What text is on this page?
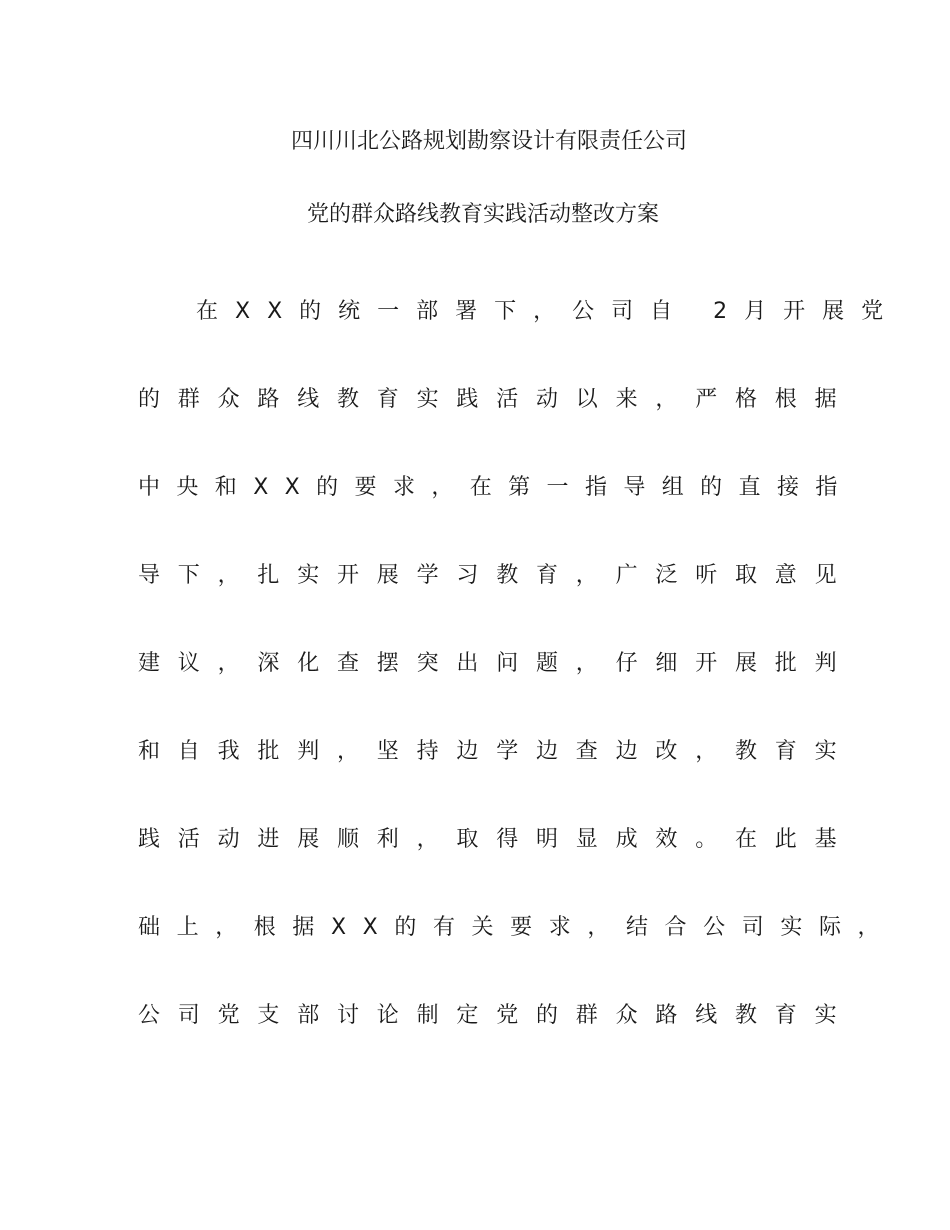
四川川北公路规划勘察设计有限责任公司
党的群众路线教育实践活动整改方案
在XX的统一部署下，公司自 2月开展党
的群众路线教育实践活动以来，严格根据
中央和XX的要求，在第一指导组的直接指
导下，扎实开展学习教育，广泛听取意见
建议，深化查摆突出问题，仔细开展批判
和自我批判，坚持边学边查边改，教育实
践活动进展顺利，取得明显成效。在此基
础上，根据XX的有关要求，结合公司实际，
公司党支部讨论制定党的群众路线教育实
